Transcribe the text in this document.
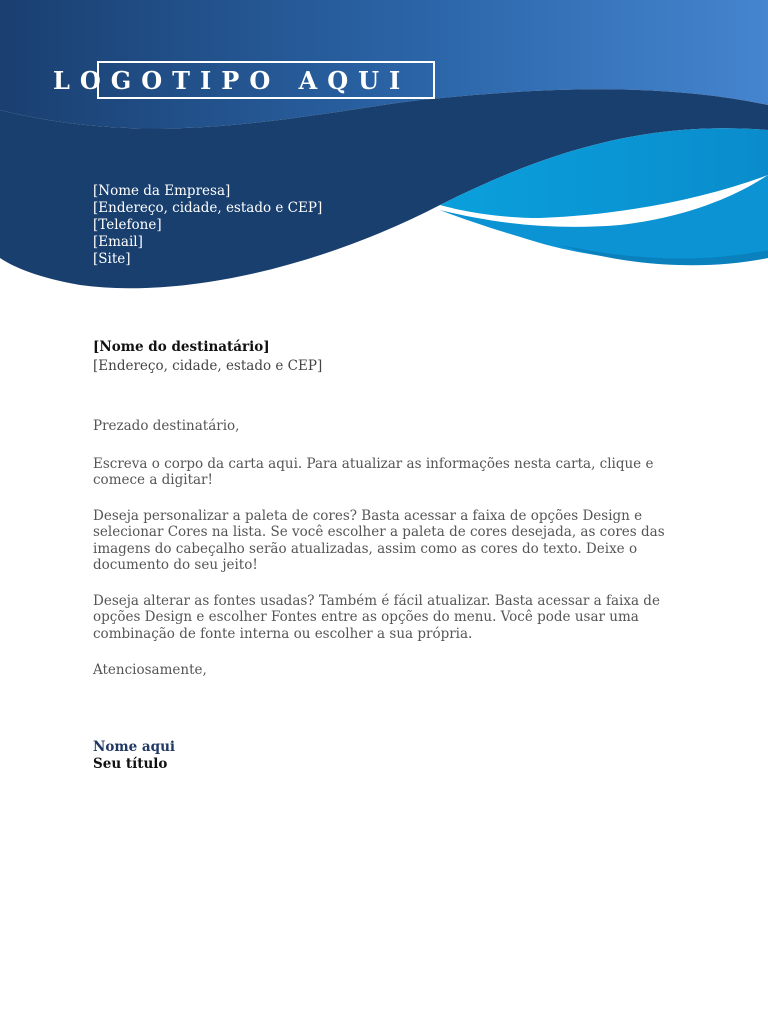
LOGOTIPO AQUI
[Nome da Empresa]
[Endereço, cidade, estado e CEP]
[Telefone]
[Email]
[Site]
[Nome do destinatário]
[Endereço, cidade, estado e CEP]

Prezado destinatário,

Escreva o corpo da carta aqui. Para atualizar as informações nesta carta, clique e comece a digitar!

Deseja personalizar a paleta de cores? Basta acessar a faixa de opções Design e selecionar Cores na lista. Se você escolher a paleta de cores desejada, as cores das imagens do cabeçalho serão atualizadas, assim como as cores do texto. Deixe o documento do seu jeito!

Deseja alterar as fontes usadas? Também é fácil atualizar. Basta acessar a faixa de opções Design e escolher Fontes entre as opções do menu. Você pode usar uma combinação de fonte interna ou escolher a sua própria.

Atenciosamente,

Nome aqui
Seu título
